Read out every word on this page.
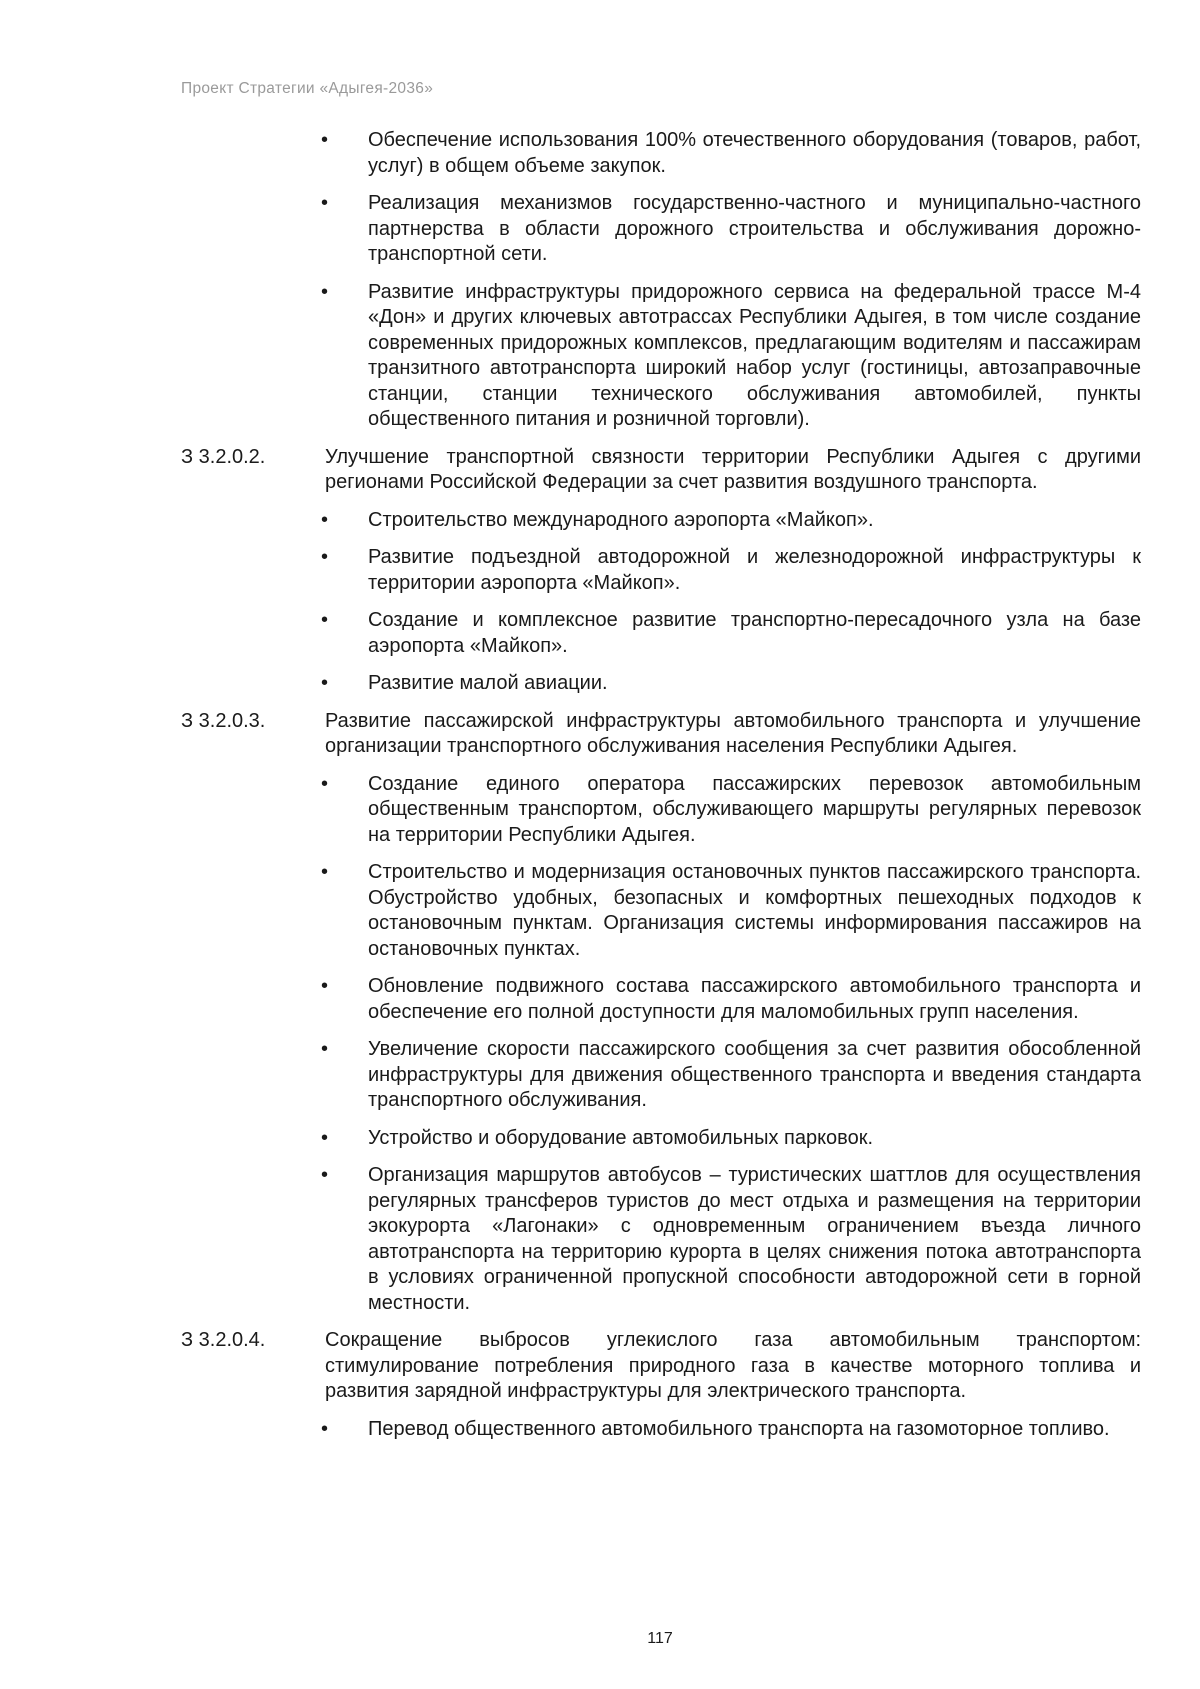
Проект Стратегии «Адыгея-2036»
• Обеспечение использования 100% отечественного оборудования (товаров, работ, услуг) в общем объеме закупок.
• Реализация механизмов государственно-частного и муниципально-частного партнерства в области дорожного строительства и обслуживания дорожно-транспортной сети.
• Развитие инфраструктуры придорожного сервиса на федеральной трассе М-4 «Дон» и других ключевых автотрассах Республики Адыгея, в том числе создание современных придорожных комплексов, предлагающим водителям и пассажирам транзитного автотранспорта широкий набор услуг (гостиницы, автозаправочные станции, станции технического обслуживания автомобилей, пункты общественного питания и розничной торговли).
З 3.2.0.2.	Улучшение транспортной связности территории Республики Адыгея с другими регионами Российской Федерации за счет развития воздушного транспорта.
• Строительство международного аэропорта «Майкоп».
• Развитие подъездной автодорожной и железнодорожной инфраструктуры к территории аэропорта «Майкоп».
• Создание и комплексное развитие транспортно-пересадочного узла на базе аэропорта «Майкоп».
• Развитие малой авиации.
З 3.2.0.3.	Развитие пассажирской инфраструктуры автомобильного транспорта и улучшение организации транспортного обслуживания населения Республики Адыгея.
• Создание единого оператора пассажирских перевозок автомобильным общественным транспортом, обслуживающего маршруты регулярных перевозок на территории Республики Адыгея.
• Строительство и модернизация остановочных пунктов пассажирского транспорта. Обустройство удобных, безопасных и комфортных пешеходных подходов к остановочным пунктам. Организация системы информирования пассажиров на остановочных пунктах.
• Обновление подвижного состава пассажирского автомобильного транспорта и обеспечение его полной доступности для маломобильных групп населения.
• Увеличение скорости пассажирского сообщения за счет развития обособленной инфраструктуры для движения общественного транспорта и введения стандарта транспортного обслуживания.
• Устройство и оборудование автомобильных парковок.
• Организация маршрутов автобусов – туристических шаттлов для осуществления регулярных трансферов туристов до мест отдыха и размещения на территории экокурорта «Лагонаки» с одновременным ограничением въезда личного автотранспорта на территорию курорта в целях снижения потока автотранспорта в условиях ограниченной пропускной способности автодорожной сети в горной местности.
З 3.2.0.4.	Сокращение выбросов углекислого газа автомобильным транспортом: стимулирование потребления природного газа в качестве моторного топлива и развития зарядной инфраструктуры для электрического транспорта.
• Перевод общественного автомобильного транспорта на газомоторное топливо.
117
